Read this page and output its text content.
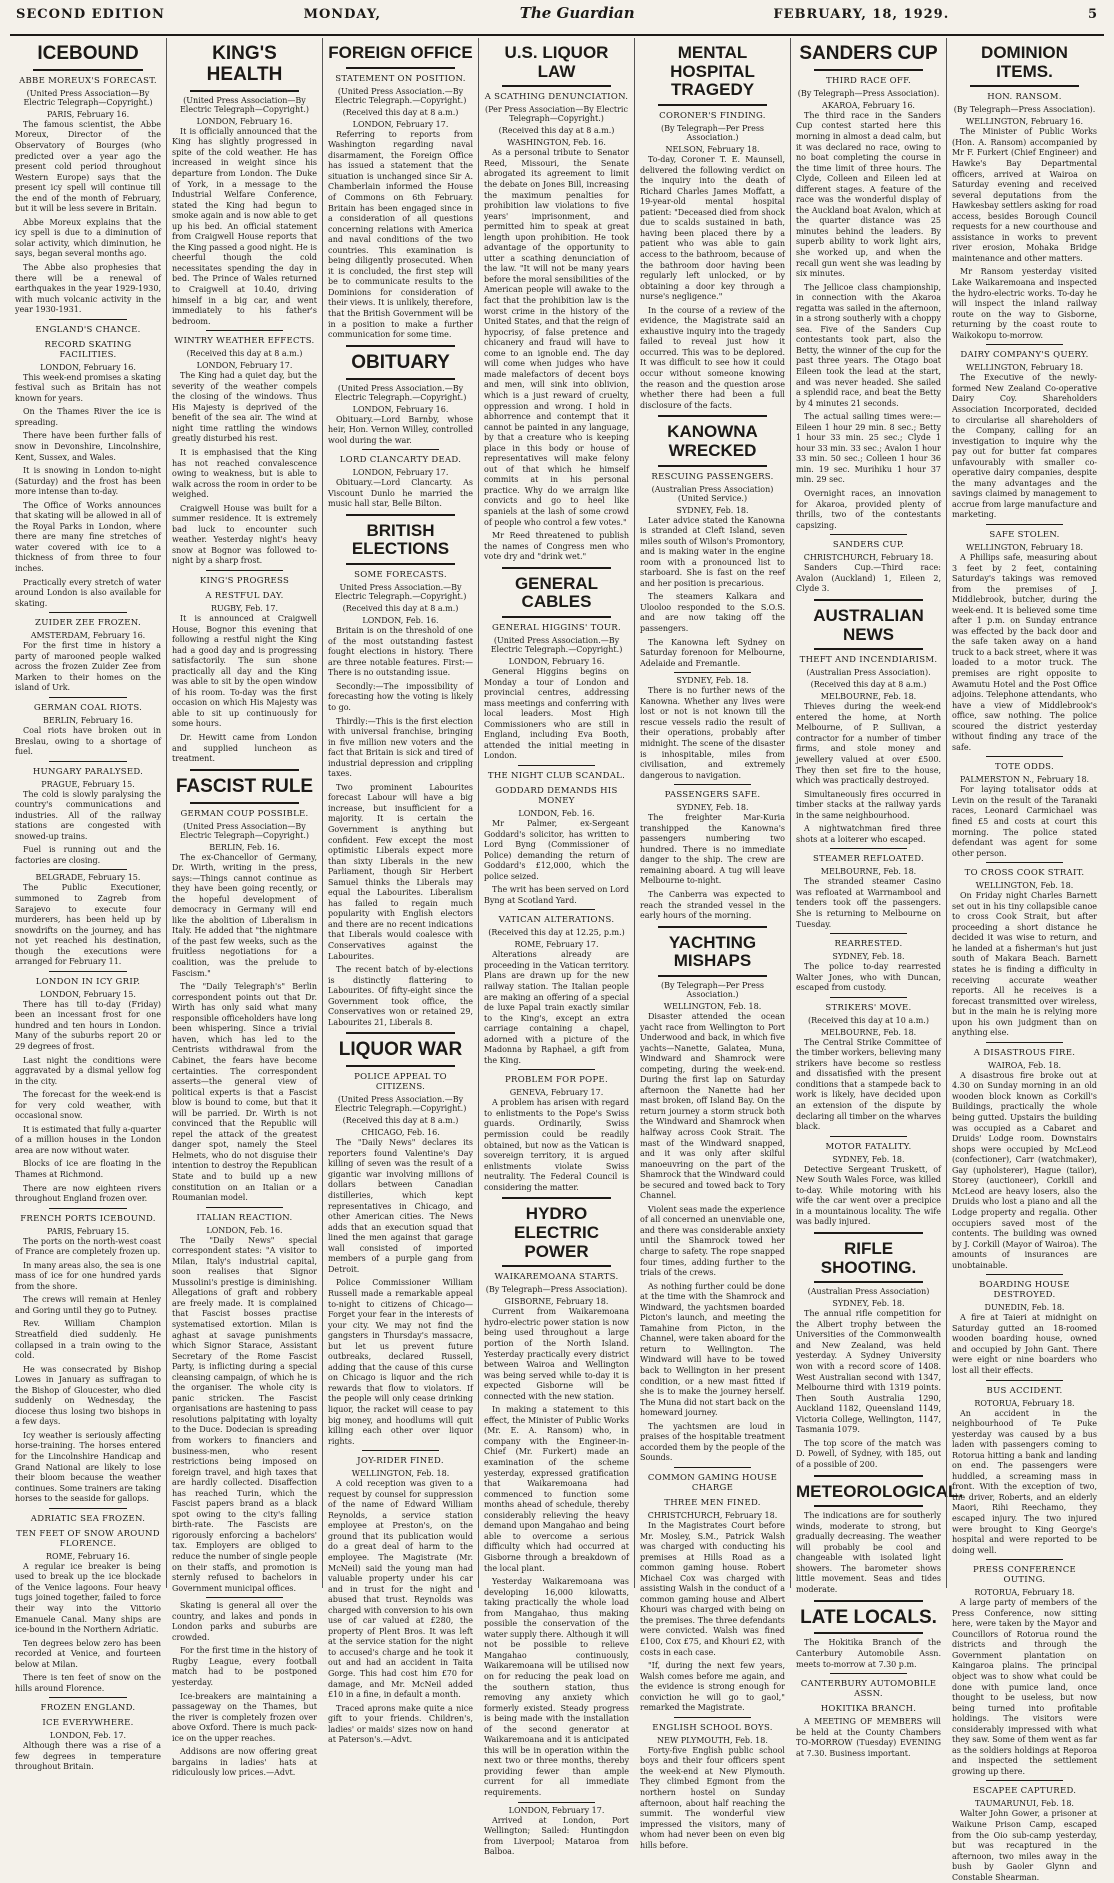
SECOND EDITION	MONDAY,	The Guardian	FEBRUARY, 18, 1929.	5
ICEBOUND
ABBE MOREUX'S FORECAST.
(United Press Association—By Electric Telegraph—Copyright.)
PARIS, February 16.

The famous scientist, the Abbe Moreux, Director of the Observatory of Bourges (who predicted over a year ago the present cold period throughout Western Europe) says that the present icy spell will continue till the end of the month of February, but it will be less severe in Britain.

Abbe Moreux explains that the icy spell is due to a diminution of solar activity, which diminution, he says, began several months ago.

The Abbe also prophesies that there will be a renewal of earthquakes in the year 1929-1930, with much volcanic activity in the year 1930-1931.

ENGLAND'S CHANCE.
RECORD SKATING FACILITIES.
LONDON, February 16.

This week-end promises a skating festival such as Britain has not known for years.

On the Thames River the ice is spreading.

There have been further falls of snow in Devonshire, Lincolnshire, Kent, Sussex, and Wales.

It is snowing in London to-night (Saturday) and the frost has been more intense than to-day.

The Office of Works announces that skating will be allowed in all of the Royal Parks in London, where there are many fine stretches of water covered with ice to a thickness of from three to four inches.

Practically every stretch of water around London is also available for skating.

ZUIDER ZEE FROZEN.
AMSTERDAM, February 16.

For the first time in history a party of marooned people walked across the frozen Zuider Zee from Marken to their homes on the island of Urk.

GERMAN COAL RIOTS.
BERLIN, February 16.

Coal riots have broken out in Breslau, owing to a shortage of fuel.

HUNGARY PARALYSED.
PRAGUE, February 15.

The cold is slowly paralysing the country's communications and industries. All of the railway stations are congested with snowed-up trains.

Fuel is running out and the factories are closing.

BELGRADE, February 15.

The Public Executioner, summoned to Zagreb from Sarajevo to execute four murderers, has been held up by snowdrifts on the journey, and has not yet reached his destination, though the executions were arranged for February 11.

LONDON IN ICY GRIP.
LONDON, February 15.

There has till to-day (Friday) been an incessant frost for one hundred and ten hours in London. Many of the suburbs report 20 or 29 degrees of frost.

Last night the conditions were aggravated by a dismal yellow fog in the city.

The forecast for the week-end is for very cold weather, with occasional snow.

It is estimated that fully a-quarter of a million houses in the London area are now without water.

Blocks of ice are floating in the Thames at Richmond.

There are now eighteen rivers throughout England frozen over.

FRENCH PORTS ICEBOUND.
PARIS, February 15.

The ports on the north-west coast of France are completely frozen up.

In many areas also, the sea is one mass of ice for one hundred yards from the shore.

The crews will remain at Henley and Goring until they go to Putney.

Rev. William Champion Streatfield died suddenly. He collapsed in a train owing to the cold.

He was consecrated by Bishop Lowes in January as suffragan to the Bishop of Gloucester, who died suddenly on Wednesday, the diocese thus losing two bishops in a few days.

Icy weather is seriously affecting horse-training. The horses entered for the Lincolnshire Handicap and Grand National are likely to lose their bloom because the weather continues. Some trainers are taking horses to the seaside for gallops.

ADRIATIC SEA FROZEN.
TEN FEET OF SNOW AROUND FLORENCE.
ROME, February 16.

A regular ice breaker is being used to break up the ice blockade of the Venice lagoons. Four heavy tugs joined together, failed to force their way into the Vittorio Emanuele Canal. Many ships are ice-bound in the Northern Adriatic.

Ten degrees below zero has been recorded at Venice, and fourteen below at Milan.

There is ten feet of snow on the hills around Florence.

FROZEN ENGLAND.
ICE EVERYWHERE.
LONDON, Feb. 17.

Although there was a rise of a few degrees in temperature throughout Britain.

KING'S HEALTH
(United Press Association—By Electric Telegraph—Copyright.)
LONDON, February 16.

It is officially announced that the King has slightly progressed in spite of the cold weather. He has increased in weight since his departure from London. The Duke of York, in a message to the Industrial Welfare Conference, stated the King had begun to smoke again and is now able to get up his bed. An official statement from Craigwell House reports that the King passed a good night. He is cheerful though the cold necessitates spending the day in bed. The Prince of Wales returned to Craigwell at 10.40, driving himself in a big car, and went immediately to his father's bedroom.

WINTRY WEATHER EFFECTS.
(Received this day at 8 a.m.)
LONDON, February 17.

The King had a quiet day, but the severity of the weather compels the closing of the windows. Thus His Majesty is deprived of the benefit of the sea air. The wind at night time rattling the windows greatly disturbed his rest.

It is emphasised that the King has not reached convalescence owing to weakness, but is able to walk across the room in order to be weighed.

Craigwell House was built for a summer residence. It is extremely bad luck to encounter such weather. Yesterday night's heavy snow at Bognor was followed to-night by a sharp frost.

KING'S PROGRESS
A RESTFUL DAY.
RUGBY, Feb. 17.

It is announced at Craigwell House, Bognor this evening that following a restful night the King had a good day and is progressing satisfactorily. The sun shone practically all day and the King was able to sit by the open window of his room. To-day was the first occasion on which His Majesty was able to sit up continuously for some hours.

Dr. Hewitt came from London and supplied luncheon as treatment.

FASCIST RULE
GERMAN COUP POSSIBLE.
(United Press Association—By Electric Telegraph—Copyright.)
BERLIN, Feb. 16.

The ex-Chancellor of Germany, Dr. Wirth, writing in the press, says:—Things cannot continue as they have been going recently, or the hopeful development of democracy in Germany will end like the abolition of Liberalism in Italy. He added that "the nightmare of the past few weeks, such as the fruitless negotiations for a coalition, was the prelude to Fascism."

The "Daily Telegraph's" Berlin correspondent points out that Dr. Wirth has only said what many responsible officeholders have long been whispering. Since a trivial haven, which has led to the Centrists withdrawal from the Cabinet, the fears have become certainties. The correspondent asserts—the general view of political experts is that a Fascist blow is bound to come, but that it will be parried. Dr. Wirth is not convinced that the Republic will repel the attack of the greatest danger spot, namely the Steel Helmets, who do not disguise their intention to destroy the Republican State and to build up a new constitution on an Italian or a Roumanian model.

ITALIAN REACTION.
LONDON, Feb. 16.

The "Daily News" special correspondent states: "A visitor to Milan, Italy's industrial capital, soon realises that Signor Mussolini's prestige is diminishing. Allegations of graft and robbery are freely made. It is complained that Fascist bosses practise systematised extortion. Milan is aghast at savage punishments which Signor Starace, Assistant Secretary of the Rome Fascist Party, is inflicting during a special cleansing campaign, of which he is the organiser. The whole city is panic stricken. The Fascist organisations are hastening to pass resolutions palpitating with loyalty to the Duce. Dodecian is spreading from workers to financiers and business-men, who resent restrictions being imposed on foreign travel, and high taxes that are hardly collected. Disaffection has reached Turin, which the Fascist papers brand as a black spot owing to the city's falling birth-rate. The Fascists are rigorously enforcing a bachelors' tax. Employers are obliged to reduce the number of single people on their staffs, and promotion is sternly refused to bachelors in Government municipal offices.

Skating is general all over the country, and lakes and ponds in London parks and suburbs are crowded.

For the first time in the history of Rugby League, every football match had to be postponed yesterday.

Ice-breakers are maintaining a passageway on the Thames, but the river is completely frozen over above Oxford. There is much pack-ice on the upper reaches.

Addisons are now offering great bargains in ladies' hats at ridiculously low prices.—Advt.

FOREIGN OFFICE
STATEMENT ON POSITION.
(United Press Association.—By Electric Telegraph.—Copyright.)
(Received this day at 8 a.m.)
LONDON, February 17.

Referring to reports from Washington regarding naval disarmament, the Foreign Office has issued a statement that the situation is unchanged since Sir A. Chamberlain informed the House of Commons on 6th February. Britain has been engaged since in a consideration of all questions concerning relations with America and naval conditions of the two countries. This examination is being diligently prosecuted. When it is concluded, the first step will be to communicate results to the Dominions for consideration of their views. It is unlikely, therefore, that the British Government will be in a position to make a further communication for some time.

OBITUARY
(United Press Association.—By Electric Telegraph.—Copyright.)
LONDON, February 16.

Obituary.—Lord Barnby, whose heir, Hon. Vernon Willey, controlled wool during the war.

LORD CLANCARTY DEAD.
LONDON, February 17.

Obituary.—Lord Clancarty. As Viscount Dunlo he married the music hall star, Belle Bilton.

BRITISH ELECTIONS
SOME FORECASTS.
United Press Association.—By Electric Telegraph.—Copyright.)
(Received this day at 8 a.m.)
LONDON, Feb. 16.

Britain is on the threshold of one of the most outstanding fastest fought elections in history. There are three notable features. First:—There is no outstanding issue.

Secondly:—The impossibility of forecasting how the voting is likely to go.

Thirdly:—This is the first election with universal franchise, bringing in five million new voters and the fact that Britain is sick and tired of industrial depression and crippling taxes.

Two prominent Labourites forecast Labour will have a big increase, but insufficient for a majority. It is certain the Government is anything but confident. Few except the most optimistic Liberals expect more than sixty Liberals in the new Parliament, though Sir Herbert Samuel thinks the Liberals may equal the Labourites. Liberalism has failed to regain much popularity with English electors and there are no recent indications that Liberals would coalesce with Conservatives against the Labourites.

The recent batch of by-elections is distinctly flattering to Labourites. Of fifty-eight since the Government took office, the Conservatives won or retained 29, Labourites 21, Liberals 8.

LIQUOR WAR
POLICE APPEAL TO CITIZENS.
(United Press Association.—By Electric Telegraph.—Copyright.)
(Received this day at 8 a.m.)
CHICAGO, Feb. 16.

The "Daily News" declares its reporters found Valentine's Day killing of seven was the result of a gigantic war involving millions of dollars between Canadian distilleries, which kept representatives in Chicago, and other American cities. The News adds that an execution squad that lined the men against that garage wall consisted of imported members of a purple gang from Detroit.

Police Commissioner William Russell made a remarkable appeal to-night to citizens of Chicago—Forget your fear in the interests of your city. We may not find the gangsters in Thursday's massacre, but let us prevent future outbreaks, declared Russell, adding that the cause of this curse on Chicago is liquor and the rich rewards that flow to violators. If the people will only cease drinking liquor, the racket will cease to pay big money, and hoodlums will quit killing each other over liquor rights.

JOY-RIDER FINED.
WELLINGTON, Feb. 18.

A cold reception was given to a request by counsel for suppression of the name of Edward William Reynolds, a service station employee at Preston's, on the ground that its publication would do a great deal of harm to the employee. The Magistrate (Mr. McNeil) said the young man had valuable property under his car and in trust for the night and abused that trust. Reynolds was charged with conversion to his own use of car valued at £280, the property of Plent Bros. It was left at the service station for the night to accused's charge and he took it out and had an accident in Taita Gorge. This had cost him £70 for damage, and Mr. McNeil added £10 in a fine, in default a month.

Traced aprons make quite a nice gift to your friends. Children's, ladies' or maids' sizes now on hand at Paterson's.—Advt.

U.S. LIQUOR LAW
A SCATHING DENUNCIATION.
(Per Press Association—By Electric Telegraph—Copyright.)
(Received this day at 8 a.m.)
WASHINGTON, Feb. 16.

As a personal tribute to Senator Reed, Missouri, the Senate abrogated its agreement to limit the debate on Jones Bill, increasing the maximum penalties for prohibition law violations to five years' imprisonment, and permitted him to speak at great length upon prohibition. He took advantage of the opportunity to utter a scathing denunciation of the law. "It will not be many years before the moral sensibilities of the American people will awake to the fact that the prohibition law is the worst crime in the history of the United States, and that the reign of hypocrisy, of false pretence and chicanery and fraud will have to come to an ignoble end. The day will come when judges who have made malefactors of decent boys and men, will sink into oblivion, which is a just reward of cruelty, oppression and wrong. I hold in abhorrence and contempt that it cannot be painted in any language, by that a creature who is keeping place in this body or house of representatives will make felony out of that which he himself commits at in his personal practice. Why do we arraign like convicts and go to heel like spaniels at the lash of some crowd of people who control a few votes."

Mr Reed threatened to publish the names of Congress men who vote dry and "drink wet."

GENERAL CABLES
GENERAL HIGGINS' TOUR.
(United Press Association.—By Electric Telegraph.—Copyright.)
LONDON, February 16.

General Higgins begins on Monday a tour of London and provincial centres, addressing mass meetings and conferring with local leaders. Most High Commissioners who are still in England, including Eva Booth, attended the initial meeting in London.

THE NIGHT CLUB SCANDAL.
GODDARD DEMANDS HIS MONEY
LONDON, Feb. 16.

Mr Palmer, ex-Sergeant Goddard's solicitor, has written to Lord Byng (Commissioner of Police) demanding the return of Goddard's £12,000, which the police seized.

The writ has been served on Lord Byng at Scotland Yard.

VATICAN ALTERATIONS.
(Received this day at 12.25, p.m.)
ROME, February 17.

Alterations already are proceeding in the Vatican territory. Plans are drawn up for the new railway station. The Italian people are making an offering of a special de luxe Papal train exactly similar to the King's, except an extra carriage containing a chapel, adorned with a picture of the Madonna by Raphael, a gift from the King.

PROBLEM FOR POPE.
GENEVA, February 17.

A problem has arisen with regard to enlistments to the Pope's Swiss guards. Ordinarily, Swiss permission could be readily obtained, but now as the Vatican is sovereign territory, it is argued enlistments violate Swiss neutrality. The Federal Council is considering the matter.

HYDRO ELECTRIC POWER
WAIKAREMOANA STARTS.
(By Telegraph—Press Association).
GISBORNE, February 18.

Current from Waikaremoana hydro-electric power station is now being used throughout a large portion of the North Island. Yesterday practically every district between Wairoa and Wellington was being served while to-day it is expected Gisborne will be connected with the new station.

In making a statement to this effect, the Minister of Public Works (Mr. E. A. Ransom) who, in company with the Engineer-in-Chief (Mr. Furkert) made an examination of the scheme yesterday, expressed gratification that Waikaremoana had commenced to function some months ahead of schedule, thereby considerably relieving the heavy demand upon Mangahao and being able to overcome a serious difficulty which had occurred at Gisborne through a breakdown of the local plant.

Yesterday Waikaremoana was developing 16,000 kilowatts, taking practically the whole load from Mangahao, thus making possible the conservation of the water supply there. Although it will not be possible to relieve Mangahao continuously, Waikaremoana will be utilised now on for reducing the peak load on the southern station, thus removing any anxiety which formerly existed. Steady progress is being made with the installation of the second generator at Waikaremoana and it is anticipated this will be in operation within the next two or three months, thereby providing fewer than ample current for all immediate requirements.

LONDON, February 17.

Arrived at London, Port Wellington; Sailed: Huntingdon from Liverpool; Mataroa from Balboa.

MENTAL HOSPITAL TRAGEDY
CORONER'S FINDING.
(By Telegraph—Per Press Association.)
NELSON, February 18.

To-day, Coroner T. E. Maunsell, delivered the following verdict on the inquiry into the death of Richard Charles James Moffatt, a 19-year-old mental hospital patient: "Deceased died from shock due to scalds sustained in bath, having been placed there by a patient who was able to gain access to the bathroom, because of the bathroom door having been regularly left unlocked, or by obtaining a door key through a nurse's negligence."

In the course of a review of the evidence, the Magistrate said an exhaustive inquiry into the tragedy failed to reveal just how it occurred. This was to be deplored. It was difficult to see how it could occur without someone knowing the reason and the question arose whether there had been a full disclosure of the facts.

KANOWNA WRECKED
RESCUING PASSENGERS.
(Australian Press Association) (United Service.)
SYDNEY, Feb. 18.

Later advice stated the Kanowna is stranded at Cleft Island, seven miles south of Wilson's Promontory, and is making water in the engine room with a pronounced list to starboard. She is fast on the reef and her position is precarious.

The steamers Kalkara and Ulooloo responded to the S.O.S. and are now taking off the passengers.

The Kanowna left Sydney on Saturday forenoon for Melbourne, Adelaide and Fremantle.

SYDNEY, Feb. 18.

There is no further news of the Kanowna. Whether any lives were lost or not is not known till the rescue vessels radio the result of their operations, probably after midnight. The scene of the disaster is inhospitable, miles from civilisation, and extremely dangerous to navigation.

PASSENGERS SAFE.
SYDNEY, Feb. 18.

The freighter Mar-Kuria transhipped the Kanowna's passengers numbering two hundred. There is no immediate danger to the ship. The crew are remaining aboard. A tug will leave Melbourne to-night.

The Canberra was expected to reach the stranded vessel in the early hours of the morning.

YACHTING MISHAPS
(By Telegraph—Per Press Association.)
WELLINGTON, Feb. 18.

Disaster attended the ocean yacht race from Wellington to Port Underwood and back, in which five yachts—Nanette, Galatea, Muna, Windward and Shamrock were competing, during the week-end. During the first lap on Saturday afternoon the Nanette had her mast broken, off Island Bay. On the return journey a storm struck both the Windward and Shamrock when halfway across Cook Strait. The mast of the Windward snapped, and it was only after skilful manoeuvring on the part of the Shamrock that the Windward could be secured and towed back to Tory Channel.

Violent seas made the experience of all concerned an unenviable one, and there was considerable anxiety until the Shamrock towed her charge to safety. The rope snapped four times, adding further to the trials of the crews.

As nothing further could be done at the time with the Shamrock and Windward, the yachtsmen boarded Picton's launch, and meeting the Tamahine from Picton, in the Channel, were taken aboard for the return to Wellington. The Windward will have to be towed back to Wellington in her present condition, or a new mast fitted if she is to make the journey herself. The Muna did not start back on the homeward journey.

The yachtsmen are loud in praises of the hospitable treatment accorded them by the people of the Sounds.

COMMON GAMING HOUSE CHARGE
THREE MEN FINED.
CHRISTCHURCH, February 18.

In the Magistrates Court before Mr. Mosley, S.M., Patrick Walsh was charged with conducting his premises at Hills Road as a common gaming house. Robert Michael Cox was charged with assisting Walsh in the conduct of a common gaming house and Albert Khouri was charged with being on the premises. The three defendants were convicted. Walsh was fined £100, Cox £75, and Khouri £2, with costs in each case.

"If, during the next few years, Walsh comes before me again, and the evidence is strong enough for conviction he will go to gaol," remarked the Magistrate.

ENGLISH SCHOOL BOYS.
NEW PLYMOUTH, Feb. 18.

Forty-five English public school boys and their four officers spent the week-end at New Plymouth. They climbed Egmont from the northern hostel on Sunday afternoon, about half reaching the summit. The wonderful view impressed the visitors, many of whom had never been on even big hills before.

SANDERS CUP
THIRD RACE OFF.
(By Telegraph—Press Association).
AKAROA, February 16.

The third race in the Sanders Cup contest started here this morning in almost a dead calm, but it was declared no race, owing to no boat completing the course in the time limit of three hours. The Clyde, Colleen and Eileen led at different stages. A feature of the race was the wonderful display of the Auckland boat Avalon, which at the quarter distance was 25 minutes behind the leaders. By superb ability to work light airs, she worked up, and when the recall gun went she was leading by six minutes.

The Jellicoe class championship, in connection with the Akaroa regatta was sailed in the afternoon, in a strong southerly with a choppy sea. Five of the Sanders Cup contestants took part, also the Betty, the winner of the cup for the past three years. The Otago boat Eileen took the lead at the start, and was never headed. She sailed a splendid race, and beat the Betty by 4 minutes 21 seconds.

The actual sailing times were:—Eileen 1 hour 29 min. 8 sec.; Betty 1 hour 33 min. 25 sec.; Clyde 1 hour 33 min. 33 sec.; Avalon 1 hour 33 min. 50 sec.; Colleen 1 hour 36 min. 19 sec. Murihiku 1 hour 37 min. 29 sec.

Overnight races, an innovation for Akaroa, provided plenty of thrills, two of the contestants capsizing.

SANDERS CUP.
CHRISTCHURCH, February 18.

Sanders Cup.—Third race: Avalon (Auckland) 1, Eileen 2, Clyde 3.

AUSTRALIAN NEWS
THEFT AND INCENDIARISM.
(Australian Press Association).
(Received this day at 8 a.m.)
MELBOURNE, Feb. 18.

Thieves during the week-end entered the home, at North Melbourne, of P. Sullivan, a contractor for a number of timber firms, and stole money and jewellery valued at over £500. They then set fire to the house, which was practically destroyed.

Simultaneously fires occurred in timber stacks at the railway yards in the same neighbourhood.

A nightwatchman fired three shots at a loiterer who escaped.

STEAMER REFLOATED.
MELBOURNE, Feb. 18.

The stranded steamer Casino was refloated at Warrnambool and tenders took off the passengers. She is returning to Melbourne on Tuesday.

REARRESTED.
SYDNEY, Feb. 18.

The police to-day rearrested Walter Jones, who with Duncan, escaped from custody.

STRIKERS' MOVE.
(Received this day at 10 a.m.)
MELBOURNE, Feb. 18.

The Central Strike Committee of the timber workers, believing many strikers have become so restless and dissatisfied with the present conditions that a stampede back to work is likely, have decided upon an extension of the dispute by declaring all timber on the wharves black.

MOTOR FATALITY.
SYDNEY, Feb. 18.

Detective Sergeant Truskett, of New South Wales Force, was killed to-day. While motoring with his wife the car went over a precipice in a mountainous locality. The wife was badly injured.

RIFLE SHOOTING.
(Australian Press Association)
SYDNEY, Feb. 18.

The annual rifle competition for the Albert trophy between the Universities of the Commonwealth and New Zealand, was held yesterday. A Sydney University won with a record score of 1408. West Australian second with 1347, Melbourne third with 1319 points. Then South Australia 1290, Auckland 1182, Queensland 1149, Victoria College, Wellington, 1147, Tasmania 1079.

The top score of the match was D. Powell, of Sydney, with 185, out of a possible of 200.

METEOROLOGICAL.

The indications are for southerly winds, moderate to strong, but gradually decreasing. The weather will probably be cool and changeable with isolated light showers. The barometer shows little movement. Seas and tides moderate.

LATE LOCALS.

The Hokitika Branch of the Canterbury Automobile Assn. meets to-morrow at 7.30 p.m.

CANTERBURY AUTOMOBILE ASSN.
HOKITIKA BRANCH.

A MEETING OF MEMBERS will be held at the County Chambers TO-MORROW (Tuesday) EVENING at 7.30. Business important.

DOMINION ITEMS.
HON. RANSOM.
(By Telegraph—Press Association).
WELLINGTON, February 16.

The Minister of Public Works (Hon. A. Ransom) accompanied by Mr F. Furkert (Chief Engineer) and Hawke's Bay Departmental officers, arrived at Wairoa on Saturday evening and received several deputations from the Hawkesbay settlers asking for road access, besides Borough Council requests for a new courthouse and assistance in works to prevent river erosion, Mohaka Bridge maintenance and other matters.

Mr Ransom yesterday visited Lake Waikaremoana and inspected the hydro-electric works. To-day he will inspect the inland railway route on the way to Gisborne, returning by the coast route to Waikokopu to-morrow.

DAIRY COMPANY'S QUERY.
WELLINGTON, February 18.

The Executive of the newly-formed New Zealand Co-operative Dairy Coy. Shareholders Association Incorporated, decided to circularise all shareholders of the Company, calling for an investigation to inquire why the pay out for butter fat compares unfavourably with smaller co-operative dairy companies, despite the many advantages and the savings claimed by management to accrue from large manufacture and marketing.

SAFE STOLEN.
WELLINGTON, February 18.

A Phillips safe, measuring about 3 feet by 2 feet, containing Saturday's takings was removed from the premises of J. Middlebrook, butcher, during the week-end. It is believed some time after 1 p.m. on Sunday entrance was effected by the back door and the safe taken away on a hand truck to a back street, where it was loaded to a motor truck. The premises are right opposite to Awamutu Hotel and the Post Office adjoins. Telephone attendants, who have a view of Middlebrook's office, saw nothing. The police scoured the district yesterday without finding any trace of the safe.

TOTE ODDS.
PALMERSTON N., February 18.

For laying totalisator odds at Levin on the result of the Taranaki races, Leonard Carmichael was fined £5 and costs at court this morning. The police stated defendant was agent for some other person.

TO CROSS COOK STRAIT.
WELLINGTON, Feb. 18.

On Friday night Charles Barnett set out in his tiny collapsible canoe to cross Cook Strait, but after proceeding a short distance he decided it was wise to return, and he landed at a fisherman's hut just south of Makara Beach. Barnett states he is finding a difficulty in receiving accurate weather reports. All he receives is a forecast transmitted over wireless, but in the main he is relying more upon his own judgment than on anything else.

A DISASTROUS FIRE.
WAIROA, Feb. 18.

A disastrous fire broke out at 4.30 on Sunday morning in an old wooden block known as Corkill's Buildings, practically the whole being gutted. Upstairs the building was occupied as a Cabaret and Druids' Lodge room. Downstairs shops were occupied by McLeod (confectioner), Carr (watchmaker), Gay (upholsterer), Hague (tailor), Storey (auctioneer), Corkill and McLeod are heavy losers, also the Druids who lost a piano and all the Lodge property and regalia. Other occupiers saved most of the contents. The building was owned by J. Corkill (Mayor of Wairoa). The amounts of insurances are unobtainable.

BOARDING HOUSE DESTROYED.
DUNEDIN, Feb. 18.

A fire at Taieri at midnight on Saturday gutted an 18-roomed wooden boarding house, owned and occupied by John Gant. There were eight or nine boarders who lost all their effects.

BUS ACCIDENT.
ROTORUA, February 18.

An accident in the neighbourhood of Te Puke yesterday was caused by a bus laden with passengers coming to Rotorua hitting a bank and landing on end. The passengers were huddled, a screaming mass in front. With the exception of two, the driver, Roberts, and an elderly Maori, Rihi Reechamo, they escaped injury. The two injured were brought to King George's hospital and were reported to be doing well.

PRESS CONFERENCE OUTING.
ROTORUA, February 18.

A large party of members of the Press Conference, now sitting here, were taken by the Mayor and Councillors of Rotorua round the districts and through the Government plantation on Kaingaroa plains. The principal object was to show what could be done with pumice land, once thought to be useless, but now being turned into profitable holdings. The visitors were considerably impressed with what they saw. Some of them went as far as the soldiers holdings at Reporoa and inspected the settlement growing up there.

ESCAPEE CAPTURED.
TAUMARUNUI, Feb. 18.

Walter John Gower, a prisoner at Waikune Prison Camp, escaped from the Oio sub-camp yesterday, but was recaptured in the afternoon, two miles away in the bush by Gaoler Glynn and Constable Shearman.
